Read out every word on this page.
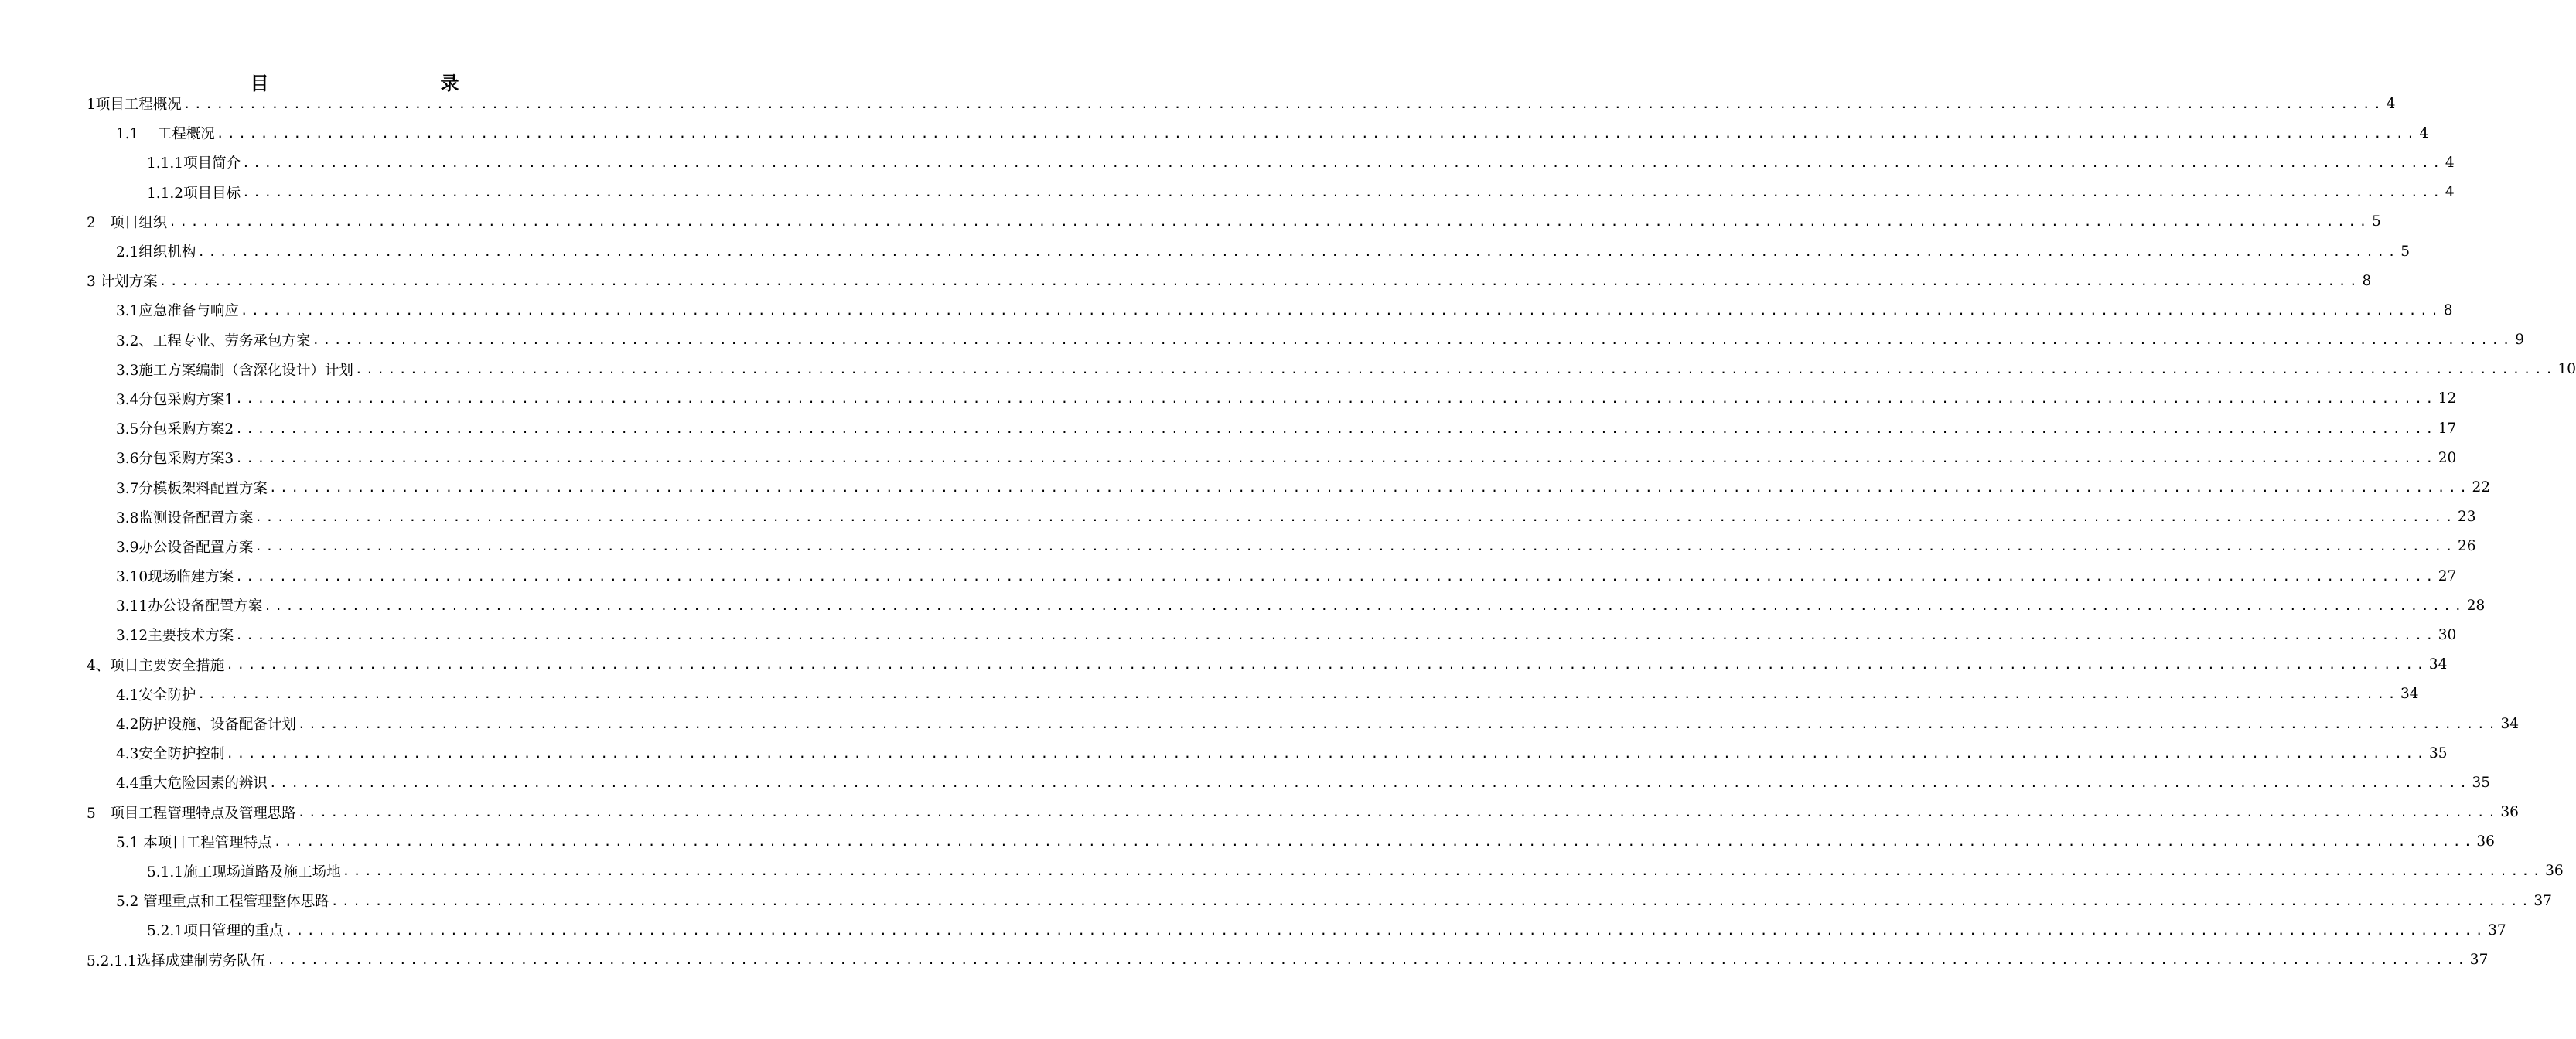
目　　录
1项目工程概况 ........................................................................................................................................................................................................ 4
1.1　 工程概况 ........................................................................................................................................................................................................ 4
1.1.1项目简介 ........................................................................................................................................................................................................ 4
1.1.2项目目标 ........................................................................................................................................................................................................ 4
2　项目组织 ........................................................................................................................................................................................................ 5
2.1组织机构 ........................................................................................................................................................................................................ 5
3 计划方案 ........................................................................................................................................................................................................ 8
3.1应急准备与响应 ........................................................................................................................................................................................................ 8
3.2、工程专业、劳务承包方案 ........................................................................................................................................................................................................ 9
3.3施工方案编制（含深化设计）计划 ........................................................................................................................................................................................................ 10
3.4分包采购方案1 ........................................................................................................................................................................................................ 12
3.5分包采购方案2 ........................................................................................................................................................................................................ 17
3.6分包采购方案3 ........................................................................................................................................................................................................ 20
3.7分模板架料配置方案 ........................................................................................................................................................................................................ 22
3.8监测设备配置方案 ........................................................................................................................................................................................................ 23
3.9办公设备配置方案 ........................................................................................................................................................................................................ 26
3.10现场临建方案 ........................................................................................................................................................................................................ 27
3.11办公设备配置方案 ........................................................................................................................................................................................................ 28
3.12主要技术方案 ........................................................................................................................................................................................................ 30
4、项目主要安全措施 ........................................................................................................................................................................................................ 34
4.1安全防护 ........................................................................................................................................................................................................ 34
4.2防护设施、设备配备计划 ........................................................................................................................................................................................................ 34
4.3安全防护控制 ........................................................................................................................................................................................................ 35
4.4重大危险因素的辨识 ........................................................................................................................................................................................................ 35
5　项目工程管理特点及管理思路 ........................................................................................................................................................................................................ 36
5.1 本项目工程管理特点 ........................................................................................................................................................................................................ 36
5.1.1施工现场道路及施工场地 ........................................................................................................................................................................................................ 36
5.2 管理重点和工程管理整体思路 ........................................................................................................................................................................................................ 37
5.2.1项目管理的重点 ........................................................................................................................................................................................................ 37
5.2.1.1选择成建制劳务队伍 ........................................................................................................................................................................................................ 37
